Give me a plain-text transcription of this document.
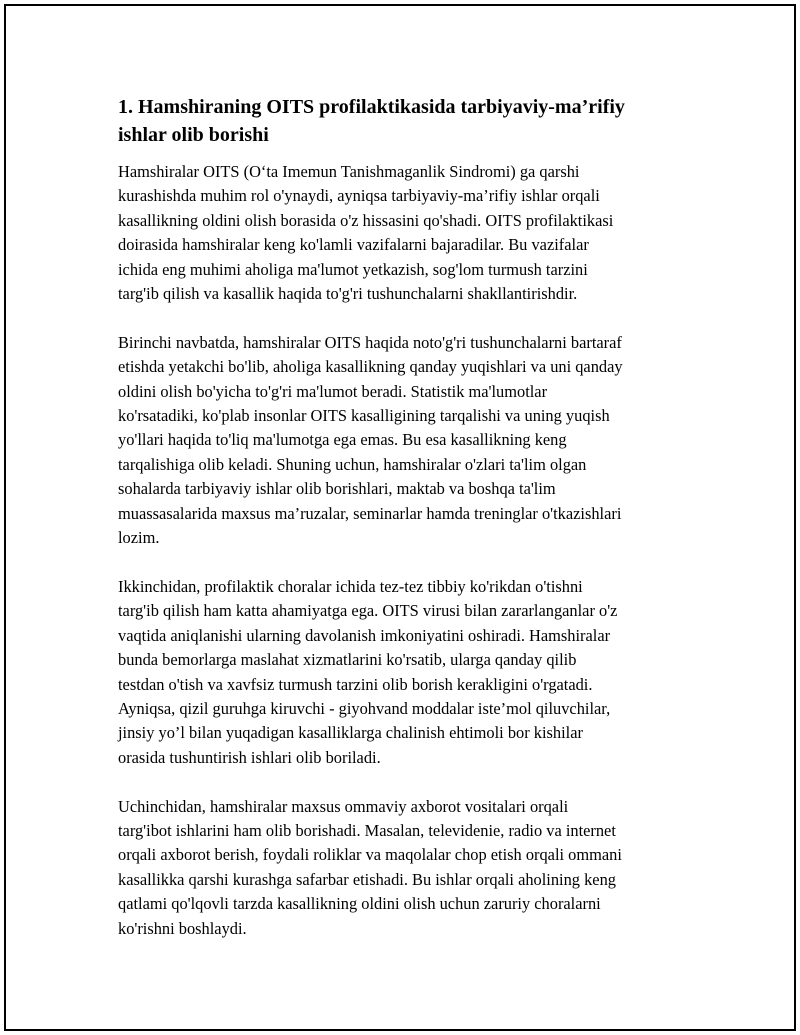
1. Hamshiraning OITS profilaktikasida tarbiyaviy-ma’rifiy
ishlar olib borishi

Hamshiralar OITS (O‘ta Imemun Tanishmaganlik Sindromi) ga qarshi
kurashishda muhim rol o'ynaydi, ayniqsa tarbiyaviy-ma’rifiy ishlar orqali
kasallikning oldini olish borasida o'z hissasini qo'shadi. OITS profilaktikasi
doirasida hamshiralar keng ko'lamli vazifalarni bajaradilar. Bu vazifalar
ichida eng muhimi aholiga ma'lumot yetkazish, sog'lom turmush tarzini
targ'ib qilish va kasallik haqida to'g'ri tushunchalarni shakllantirishdir.

Birinchi navbatda, hamshiralar OITS haqida noto'g'ri tushunchalarni bartaraf
etishda yetakchi bo'lib, aholiga kasallikning qanday yuqishlari va uni qanday
oldini olish bo'yicha to'g'ri ma'lumot beradi. Statistik ma'lumotlar
ko'rsatadiki, ko'plab insonlar OITS kasalligining tarqalishi va uning yuqish
yo'llari haqida to'liq ma'lumotga ega emas. Bu esa kasallikning keng
tarqalishiga olib keladi. Shuning uchun, hamshiralar o'zlari ta'lim olgan
sohalarda tarbiyaviy ishlar olib borishlari, maktab va boshqa ta'lim
muassasalarida maxsus ma’ruzalar, seminarlar hamda treninglar o'tkazishlari
lozim.

Ikkinchidan, profilaktik choralar ichida tez-tez tibbiy ko'rikdan o'tishni
targ'ib qilish ham katta ahamiyatga ega. OITS virusi bilan zararlanganlar o'z
vaqtida aniqlanishi ularning davolanish imkoniyatini oshiradi. Hamshiralar
bunda bemorlarga maslahat xizmatlarini ko'rsatib, ularga qanday qilib
testdan o'tish va xavfsiz turmush tarzini olib borish kerakligini o'rgatadi.
Ayniqsa, qizil guruhga kiruvchi - giyohvand moddalar iste’mol qiluvchilar,
jinsiy yo’l bilan yuqadigan kasalliklarga chalinish ehtimoli bor kishilar
orasida tushuntirish ishlari olib boriladi.

Uchinchidan, hamshiralar maxsus ommaviy axborot vositalari orqali
targ'ibot ishlarini ham olib borishadi. Masalan, televidenie, radio va internet
orqali axborot berish, foydali roliklar va maqolalar chop etish orqali ommani
kasallikka qarshi kurashga safarbar etishadi. Bu ishlar orqali aholining keng
qatlami qo'lqovli tarzda kasallikning oldini olish uchun zaruriy choralarni
ko'rishni boshlaydi.
